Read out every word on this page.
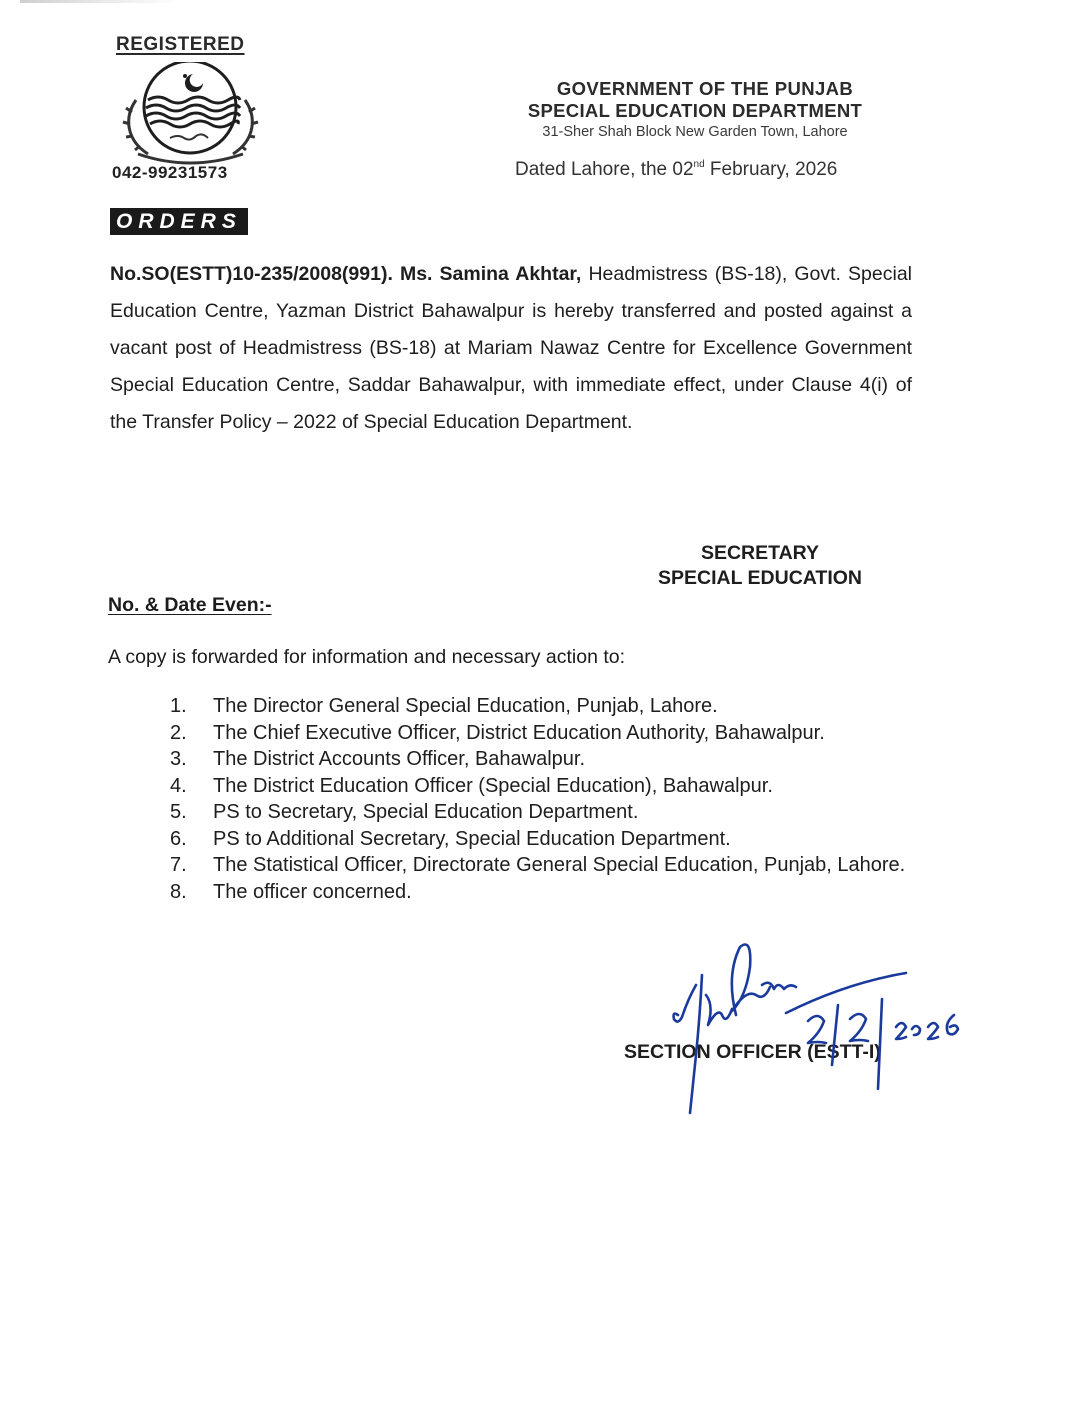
REGISTERED
042-99231573
ORDERS
GOVERNMENT OF THE PUNJAB
SPECIAL EDUCATION DEPARTMENT
31-Sher Shah Block New Garden Town, Lahore
Dated Lahore, the 02nd February, 2026
No.SO(ESTT)10-235/2008(991). Ms. Samina Akhtar, Headmistress (BS-18), Govt. Special Education Centre, Yazman District Bahawalpur is hereby transferred and posted against a vacant post of Headmistress (BS-18) at Mariam Nawaz Centre for Excellence Government Special Education Centre, Saddar Bahawalpur, with immediate effect, under Clause 4(i) of the Transfer Policy – 2022 of Special Education Department.
SECRETARY
SPECIAL EDUCATION
No. & Date Even:-
A copy is forwarded for information and necessary action to:
1.	The Director General Special Education, Punjab, Lahore.
2.	The Chief Executive Officer, District Education Authority, Bahawalpur.
3.	The District Accounts Officer, Bahawalpur.
4.	The District Education Officer (Special Education), Bahawalpur.
5.	PS to Secretary, Special Education Department.
6.	PS to Additional Secretary, Special Education Department.
7.	The Statistical Officer, Directorate General Special Education, Punjab, Lahore.
8.	The officer concerned.
SECTION OFFICER (ESTT-I)
